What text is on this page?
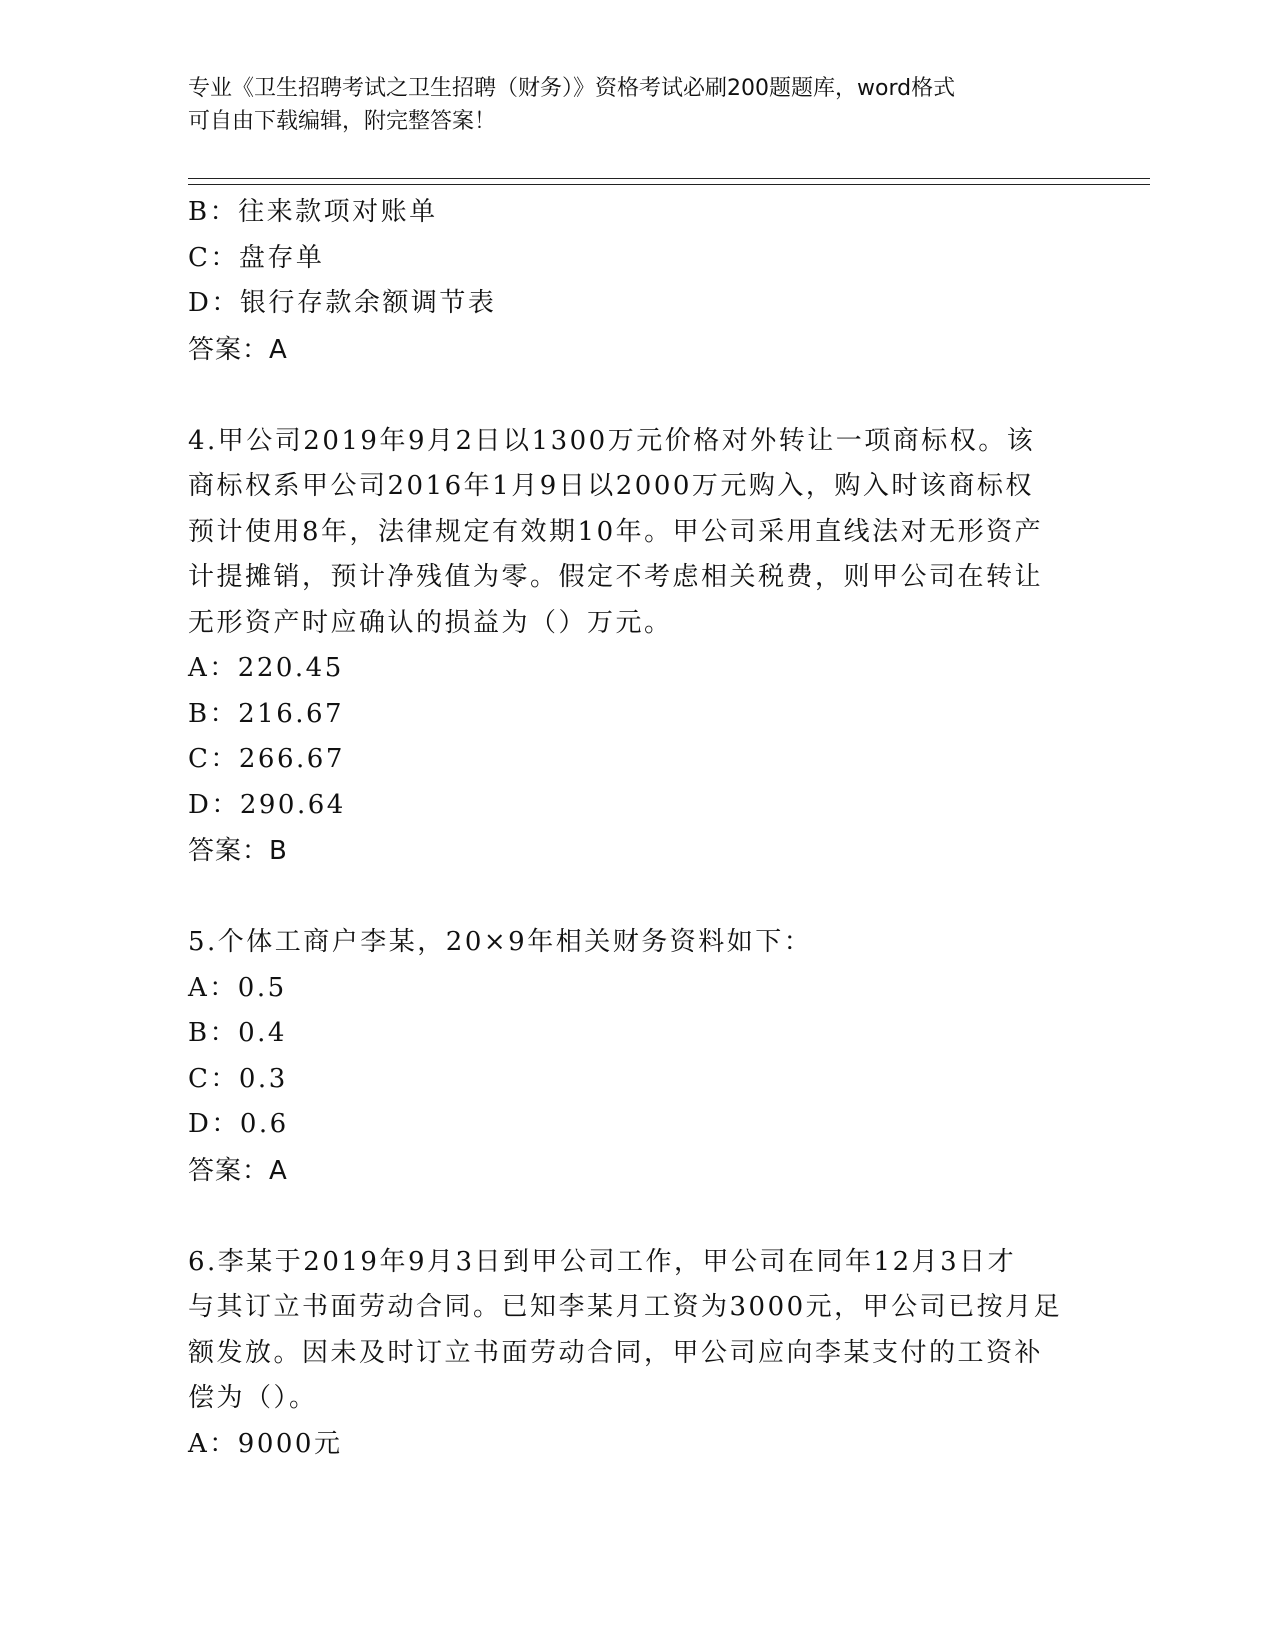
专业《卫生招聘考试之卫生招聘（财务）》资格考试必刷200题题库，word格式
可自由下载编辑，附完整答案！
B：往来款项对账单
C：盘存单
D：银行存款余额调节表
答案：A
4.甲公司2019年9月2日以1300万元价格对外转让一项商标权。该
商标权系甲公司2016年1月9日以2000万元购入，购入时该商标权
预计使用8年，法律规定有效期10年。甲公司采用直线法对无形资产
计提摊销，预计净残值为零。假定不考虑相关税费，则甲公司在转让
无形资产时应确认的损益为（）万元。
A：220.45
B：216.67
C：266.67
D：290.64
答案：B
5.个体工商户李某，20×9年相关财务资料如下：
A：0.5
B：0.4
C：0.3
D：0.6
答案：A
6.李某于2019年9月3日到甲公司工作，甲公司在同年12月3日才
与其订立书面劳动合同。已知李某月工资为3000元，甲公司已按月足
额发放。因未及时订立书面劳动合同，甲公司应向李某支付的工资补
偿为（）。
A：9000元
